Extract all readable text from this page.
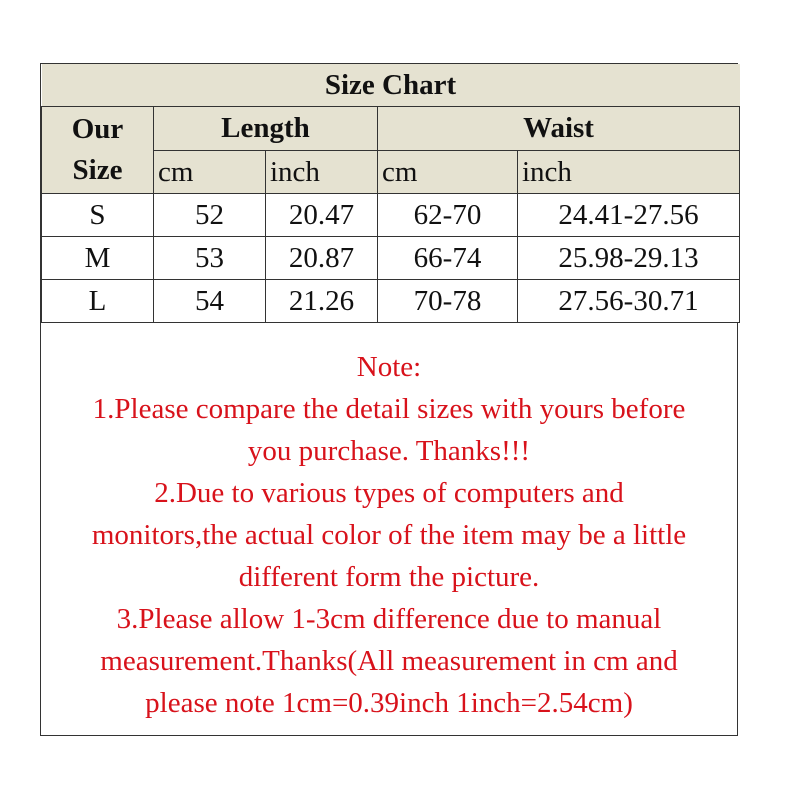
Size Chart				
Our
Size	Length		Waist	
	cm	inch	cm	inch
S	52	20.47	62-70	24.41-27.56
M	53	20.87	66-74	25.98-29.13
L	54	21.26	70-78	27.56-30.71
Note:
1.Please compare the detail sizes with yours before
you purchase. Thanks!!!
2.Due to various types of computers and
monitors,the actual color of the item may be a little
different form the picture.
3.Please allow 1-3cm difference due to manual
measurement.Thanks(All measurement in cm and
please note 1cm=0.39inch 1inch=2.54cm)
